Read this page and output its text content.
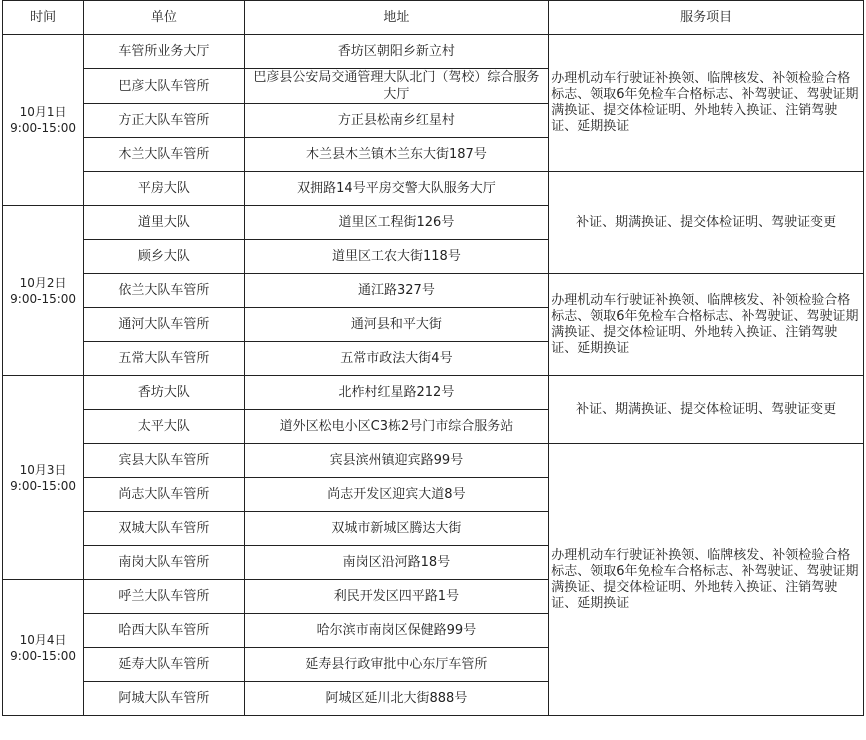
时间	单位	地址	服务项目

10月1日
9:00-15:00	车管所业务大厅	香坊区朝阳乡新立村	办理机动车行驶证补换领、临牌核发、补领检验合格标志、领取6年免检车合格标志、补驾驶证、驾驶证期满换证、提交体检证明、外地转入换证、注销驾驶证、延期换证
	巴彦大队车管所	巴彦县公安局交通管理大队北门（驾校）综合服务大厅	
	方正大队车管所	方正县松南乡红星村	
	木兰大队车管所	木兰县木兰镇木兰东大街187号	
	平房大队	双拥路14号平房交警大队服务大厅	补证、期满换证、提交体检证明、驾驶证变更

10月2日
9:00-15:00	道里大队	道里区工程街126号	
	顾乡大队	道里区工农大街118号	
	依兰大队车管所	通江路327号	办理机动车行驶证补换领、临牌核发、补领检验合格标志、领取6年免检车合格标志、补驾驶证、驾驶证期满换证、提交体检证明、外地转入换证、注销驾驶证、延期换证
	通河大队车管所	通河县和平大街	
	五常大队车管所	五常市政法大街4号	

10月3日
9:00-15:00	香坊大队	北柞村红星路212号	补证、期满换证、提交体检证明、驾驶证变更
	太平大队	道外区松电小区C3栋2号门市综合服务站	
	宾县大队车管所	宾县滨州镇迎宾路99号	办理机动车行驶证补换领、临牌核发、补领检验合格标志、领取6年免检车合格标志、补驾驶证、驾驶证期满换证、提交体检证明、外地转入换证、注销驾驶证、延期换证
	尚志大队车管所	尚志开发区迎宾大道8号	
	双城大队车管所	双城市新城区腾达大街	
	南岗大队车管所	南岗区沿河路18号	

10月4日
9:00-15:00	呼兰大队车管所	利民开发区四平路1号	
	哈西大队车管所	哈尔滨市南岗区保健路99号	
	延寿大队车管所	延寿县行政审批中心东厅车管所	
	阿城大队车管所	阿城区延川北大街888号	
